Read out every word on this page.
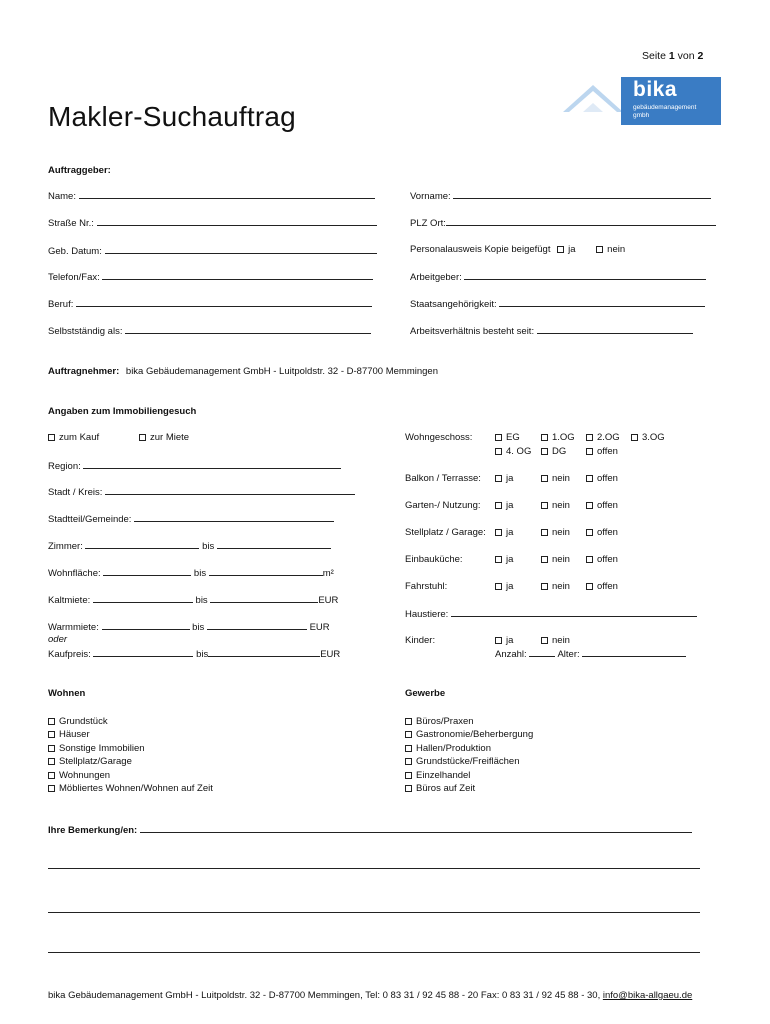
Seite 1 von 2
bika
gebäudemanagement
gmbh
Makler-Suchauftrag
Auftraggeber:
Name:	Vorname:
Straße Nr.:	PLZ Ort:
Geb. Datum:	Personalausweis Kopie beigefügt ja	nein
Telefon/Fax:	Arbeitgeber:
Beruf:	Staatsangehörigkeit:
Selbstständig als:	Arbeitsverhältnis besteht seit:
Auftragnehmer: bika Gebäudemanagement GmbH - Luitpoldstr. 32 - D-87700 Memmingen
Angaben zum Immobiliengesuch
zum Kauf	zur Miete
Region:
Stadt / Kreis:
Stadtteil/Gemeinde:
Zimmer:	bis
Wohnfläche:	bis	m²
Kaltmiete:	bis	EUR
Warmmiete:	bis	EUR
oder
Kaufpreis:	bis	EUR
Wohngeschoss:	EG	1.OG	2.OG	3.OG
4. OG	DG	offen
Balkon / Terrasse:	ja	nein	offen
Garten-/ Nutzung:	ja	nein	offen
Stellplatz / Garage:	ja	nein	offen
Einbauküche:	ja	nein	offen
Fahrstuhl:	ja	nein	offen
Haustiere:
Kinder:	ja	nein
Anzahl:	Alter:
Wohnen	Gewerbe
Grundstück
Häuser
Sonstige Immobilien
Stellplatz/Garage
Wohnungen
Möbliertes Wohnen/Wohnen auf Zeit
Büros/Praxen
Gastronomie/Beherbergung
Hallen/Produktion
Grundstücke/Freiflächen
Einzelhandel
Büros auf Zeit
Ihre Bemerkung/en:
bika Gebäudemanagement GmbH - Luitpoldstr. 32 - D-87700 Memmingen, Tel: 0 83 31 / 92 45 88 - 20 Fax: 0 83 31 / 92 45 88 - 30, info@bika-allgaeu.de
